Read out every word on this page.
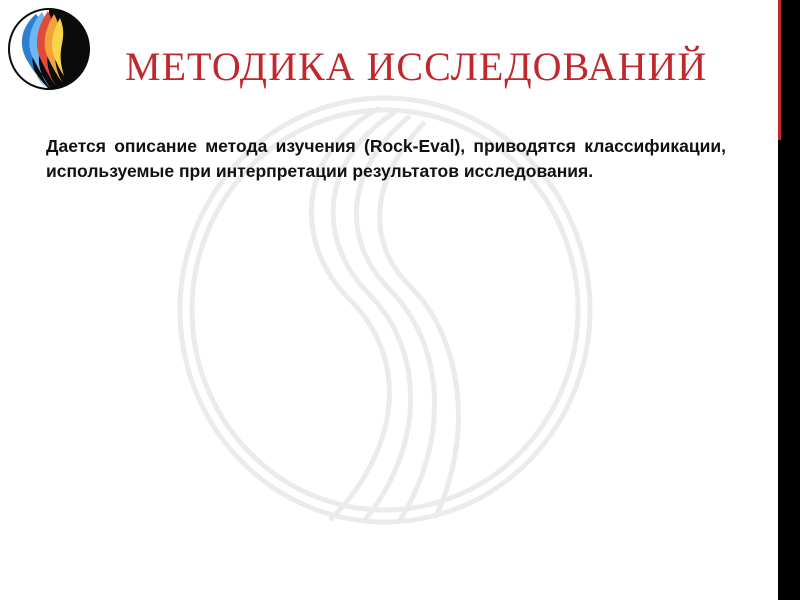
МЕТОДИКА ИССЛЕДОВАНИЙ

Дается описание метода изучения (Rock-Eval), приводятся классификации, используемые при интерпретации результатов исследования.
